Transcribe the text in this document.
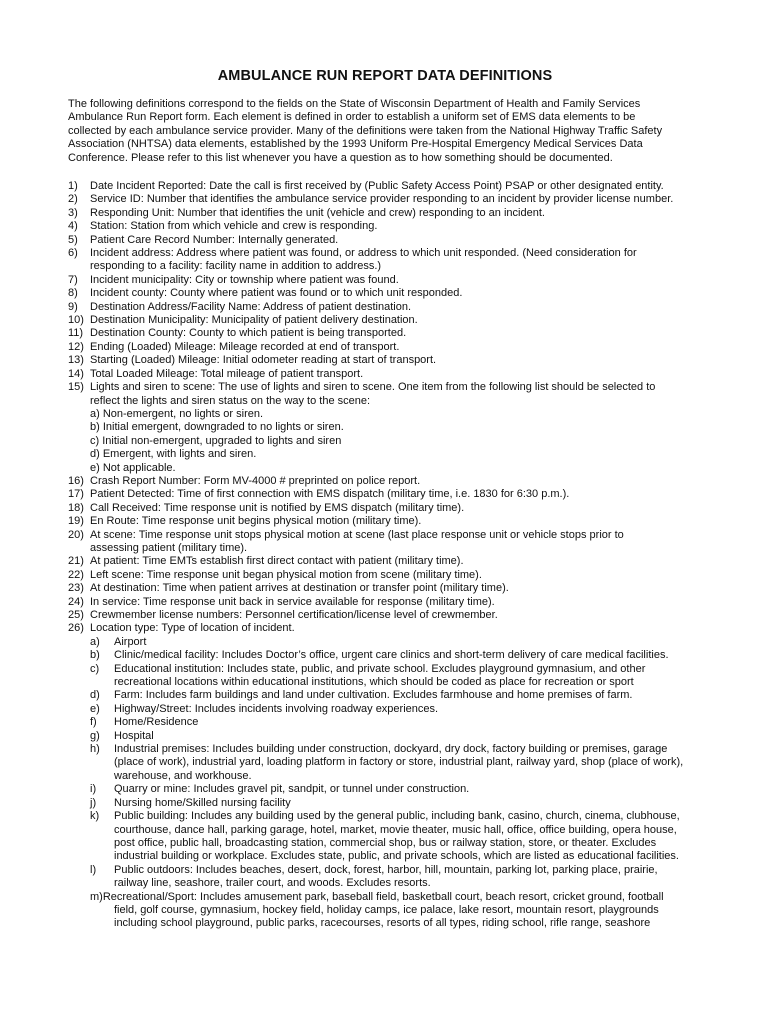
AMBULANCE RUN REPORT DATA DEFINITIONS
The following definitions correspond to the fields on the State of Wisconsin Department of Health and Family Services
Ambulance Run Report form. Each element is defined in order to establish a uniform set of EMS data elements to be
collected by each ambulance service provider. Many of the definitions were taken from the National Highway Traffic Safety
Association (NHTSA) data elements, established by the 1993 Uniform Pre-Hospital Emergency Medical Services Data
Conference. Please refer to this list whenever you have a question as to how something should be documented.
1) Date Incident Reported: Date the call is first received by (Public Safety Access Point) PSAP or other designated entity.
2) Service ID: Number that identifies the ambulance service provider responding to an incident by provider license number.
3) Responding Unit: Number that identifies the unit (vehicle and crew) responding to an incident.
4) Station: Station from which vehicle and crew is responding.
5) Patient Care Record Number: Internally generated.
6) Incident address: Address where patient was found, or address to which unit responded. (Need consideration for
responding to a facility: facility name in addition to address.)
7) Incident municipality: City or township where patient was found.
8) Incident county: County where patient was found or to which unit responded.
9) Destination Address/Facility Name: Address of patient destination.
10) Destination Municipality: Municipality of patient delivery destination.
11) Destination County: County to which patient is being transported.
12) Ending (Loaded) Mileage: Mileage recorded at end of transport.
13) Starting (Loaded) Mileage: Initial odometer reading at start of transport.
14) Total Loaded Mileage: Total mileage of patient transport.
15) Lights and siren to scene: The use of lights and siren to scene. One item from the following list should be selected to
reflect the lights and siren status on the way to the scene:
a) Non-emergent, no lights or siren.
b) Initial emergent, downgraded to no lights or siren.
c) Initial non-emergent, upgraded to lights and siren
d) Emergent, with lights and siren.
e) Not applicable.
16) Crash Report Number: Form MV-4000 # preprinted on police report.
17) Patient Detected: Time of first connection with EMS dispatch (military time, i.e. 1830 for 6:30 p.m.).
18) Call Received: Time response unit is notified by EMS dispatch (military time).
19) En Route: Time response unit begins physical motion (military time).
20) At scene: Time response unit stops physical motion at scene (last place response unit or vehicle stops prior to
assessing patient (military time).
21) At patient: Time EMTs establish first direct contact with patient (military time).
22) Left scene: Time response unit began physical motion from scene (military time).
23) At destination: Time when patient arrives at destination or transfer point (military time).
24) In service: Time response unit back in service available for response (military time).
25) Crewmember license numbers: Personnel certification/license level of crewmember.
26) Location type: Type of location of incident.
a) Airport
b) Clinic/medical facility: Includes Doctor’s office, urgent care clinics and short-term delivery of care medical facilities.
c) Educational institution: Includes state, public, and private school. Excludes playground gymnasium, and other
recreational locations within educational institutions, which should be coded as place for recreation or sport
d) Farm: Includes farm buildings and land under cultivation. Excludes farmhouse and home premises of farm.
e) Highway/Street: Includes incidents involving roadway experiences.
f) Home/Residence
g) Hospital
h) Industrial premises: Includes building under construction, dockyard, dry dock, factory building or premises, garage
(place of work), industrial yard, loading platform in factory or store, industrial plant, railway yard, shop (place of work),
warehouse, and workhouse.
i) Quarry or mine: Includes gravel pit, sandpit, or tunnel under construction.
j) Nursing home/Skilled nursing facility
k) Public building: Includes any building used by the general public, including bank, casino, church, cinema, clubhouse,
courthouse, dance hall, parking garage, hotel, market, movie theater, music hall, office, office building, opera house,
post office, public hall, broadcasting station, commercial shop, bus or railway station, store, or theater. Excludes
industrial building or workplace. Excludes state, public, and private schools, which are listed as educational facilities.
l) Public outdoors: Includes beaches, desert, dock, forest, harbor, hill, mountain, parking lot, parking place, prairie,
railway line, seashore, trailer court, and woods. Excludes resorts.
m)Recreational/Sport: Includes amusement park, baseball field, basketball court, beach resort, cricket ground, football
field, golf course, gymnasium, hockey field, holiday camps, ice palace, lake resort, mountain resort, playgrounds
including school playground, public parks, racecourses, resorts of all types, riding school, rifle range, seashore
